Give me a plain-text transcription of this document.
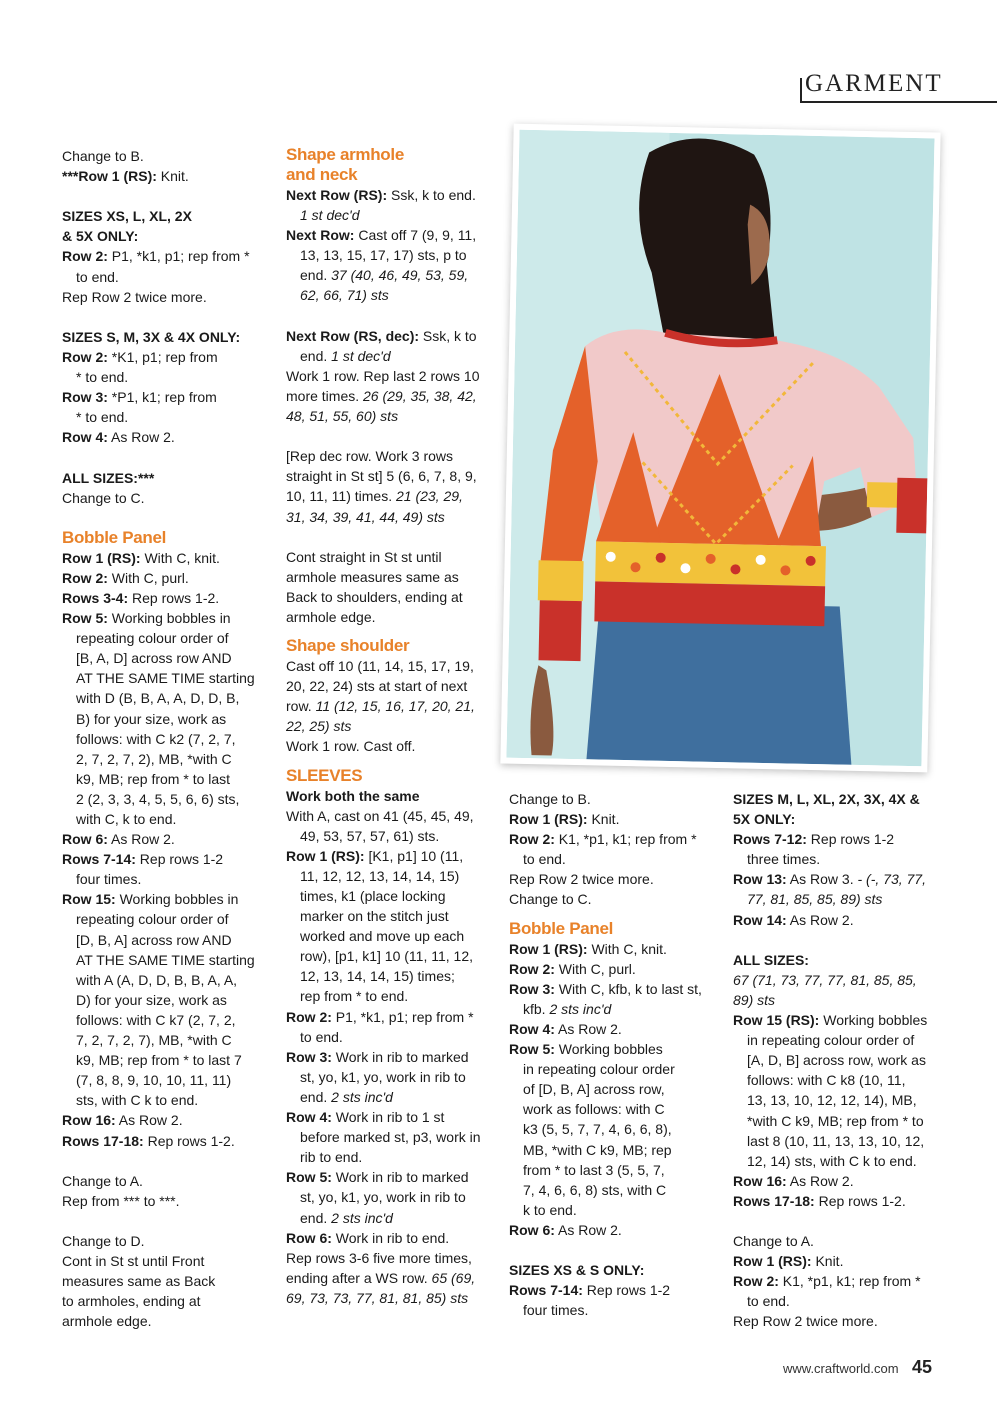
GARMENT

Change to B.

***Row 1 (RS): Knit.

SIZES XS, L, XL, 2X

& 5X ONLY:

Row 2: P1, *k1, p1; rep from *

to end.

Rep Row 2 twice more.

SIZES S, M, 3X & 4X ONLY:

Row 2: *K1, p1; rep from

* to end.

Row 3: *P1, k1; rep from

* to end.

Row 4: As Row 2.

ALL SIZES:***

Change to C.

Bobble Panel

Row 1 (RS): With C, knit.

Row 2: With C, purl.

Rows 3-4: Rep rows 1-2.

Row 5: Working bobbles in

repeating colour order of

[B, A, D] across row AND

AT THE SAME TIME starting

with D (B, B, A, A, D, D, B,

B) for your size, work as

follows: with C k2 (7, 2, 7,

2, 7, 2, 7, 2), MB, *with C

k9, MB; rep from * to last

2 (2, 3, 3, 4, 5, 5, 6, 6) sts,

with C, k to end.

Row 6: As Row 2.

Rows 7-14: Rep rows 1-2

four times.

Row 15: Working bobbles in

repeating colour order of

[D, B, A] across row AND

AT THE SAME TIME starting

with A (A, D, D, B, B, A, A,

D) for your size, work as

follows: with C k7 (2, 7, 2,

7, 2, 7, 2, 7), MB, *with C

k9, MB; rep from * to last 7

(7, 8, 8, 9, 10, 10, 11, 11)

sts, with C k to end.

Row 16: As Row 2.

Rows 17-18: Rep rows 1-2.

Change to A.

Rep from *** to ***.

Change to D.

Cont in St st until Front

measures same as Back

to armholes, ending at

armhole edge.

Shape armhole

and neck

Next Row (RS): Ssk, k to end.

1 st dec'd

Next Row: Cast off 7 (9, 9, 11,

13, 13, 15, 17, 17) sts, p to

end. 37 (40, 46, 49, 53, 59,

62, 66, 71) sts

Next Row (RS, dec): Ssk, k to

end. 1 st dec'd

Work 1 row. Rep last 2 rows 10

more times. 26 (29, 35, 38, 42,

48, 51, 55, 60) sts

[Rep dec row. Work 3 rows

straight in St st] 5 (6, 6, 7, 8, 9,

10, 11, 11) times. 21 (23, 29,

31, 34, 39, 41, 44, 49) sts

Cont straight in St st until

armhole measures same as

Back to shoulders, ending at

armhole edge.

Shape shoulder

Cast off 10 (11, 14, 15, 17, 19,

20, 22, 24) sts at start of next

row. 11 (12, 15, 16, 17, 20, 21,

22, 25) sts

Work 1 row. Cast off.

SLEEVES

Work both the same

With A, cast on 41 (45, 45, 49,

49, 53, 57, 57, 61) sts.

Row 1 (RS): [K1, p1] 10 (11,

11, 12, 12, 13, 14, 14, 15)

times, k1 (place locking

marker on the stitch just

worked and move up each

row), [p1, k1] 10 (11, 11, 12,

12, 13, 14, 14, 15) times;

rep from * to end.

Row 2: P1, *k1, p1; rep from *

to end.

Row 3: Work in rib to marked

st, yo, k1, yo, work in rib to

end. 2 sts inc'd

Row 4: Work in rib to 1 st

before marked st, p3, work in

rib to end.

Row 5: Work in rib to marked

st, yo, k1, yo, work in rib to

end. 2 sts inc'd

Row 6: Work in rib to end.

Rep rows 3-6 five more times,

ending after a WS row. 65 (69,

69, 73, 73, 77, 81, 81, 85) sts

Change to B.

Row 1 (RS): Knit.

Row 2: K1, *p1, k1; rep from *

to end.

Rep Row 2 twice more.

Change to C.

Bobble Panel

Row 1 (RS): With C, knit.

Row 2: With C, purl.

Row 3: With C, kfb, k to last st,

kfb. 2 sts inc'd

Row 4: As Row 2.

Row 5: Working bobbles

in repeating colour order

of [D, B, A] across row,

work as follows: with C

k3 (5, 5, 7, 7, 4, 6, 6, 8),

MB, *with C k9, MB; rep

from * to last 3 (5, 5, 7,

7, 4, 6, 6, 8) sts, with C

k to end.

Row 6: As Row 2.

SIZES XS & S ONLY:

Rows 7-14: Rep rows 1-2

four times.

SIZES M, L, XL, 2X, 3X, 4X &

5X ONLY:

Rows 7-12: Rep rows 1-2

three times.

Row 13: As Row 3. - (-, 73, 77,

77, 81, 85, 85, 89) sts

Row 14: As Row 2.

ALL SIZES:

67 (71, 73, 77, 77, 81, 85, 85,

89) sts

Row 15 (RS): Working bobbles

in repeating colour order of

[A, D, B] across row, work as

follows: with C k8 (10, 11,

13, 13, 10, 12, 12, 14), MB,

*with C k9, MB; rep from * to

last 8 (10, 11, 13, 13, 10, 12,

12, 14) sts, with C k to end.

Row 16: As Row 2.

Rows 17-18: Rep rows 1-2.

Change to A.

Row 1 (RS): Knit.

Row 2: K1, *p1, k1; rep from *

to end.

Rep Row 2 twice more.

www.craftworld.com 45
